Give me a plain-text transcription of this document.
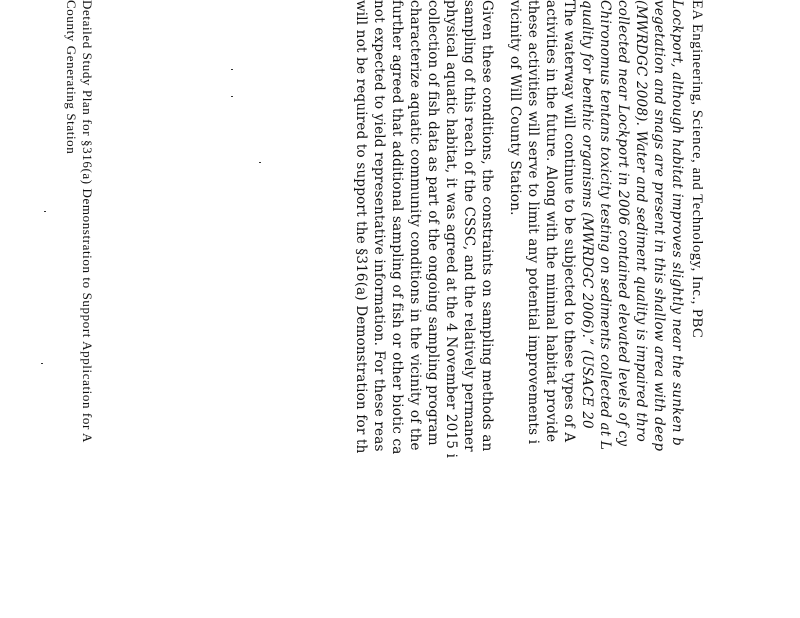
EA Engineering, Science, and Technology, Inc., PBC
Lockport, although habitat improves slightly near the sunken b
vegetation and snags are present in this shallow area with deep
(MWRDGC 2008). Water and sediment quality is impaired thro
collected near Lockport in 2006 contained elevated levels of cy
Chironomus tentans toxicity testing on sediments collected at L
quality for benthic organisms (MWRDGC 2006).” (USACE 20
The waterway will continue to be subjected to these types of A
activities in the future. Along with the minimal habitat provide
these activities will serve to limit any potential improvements i
vicinity of Will County Station.
Given these conditions, the constraints on sampling methods an
sampling of this reach of the CSSC, and the relatively permaner
physical aquatic habitat, it was agreed at the 4 November 2015 i
collection of fish data as part of the ongoing sampling program
characterize aquatic community conditions in the vicinity of the
further agreed that additional sampling of fish or other biotic ca
not expected to yield representative information. For these reas
will not be required to support the §316(a) Demonstration for th
Detailed Study Plan for §316(a) Demonstration to Support Application for A
County Generating Station
